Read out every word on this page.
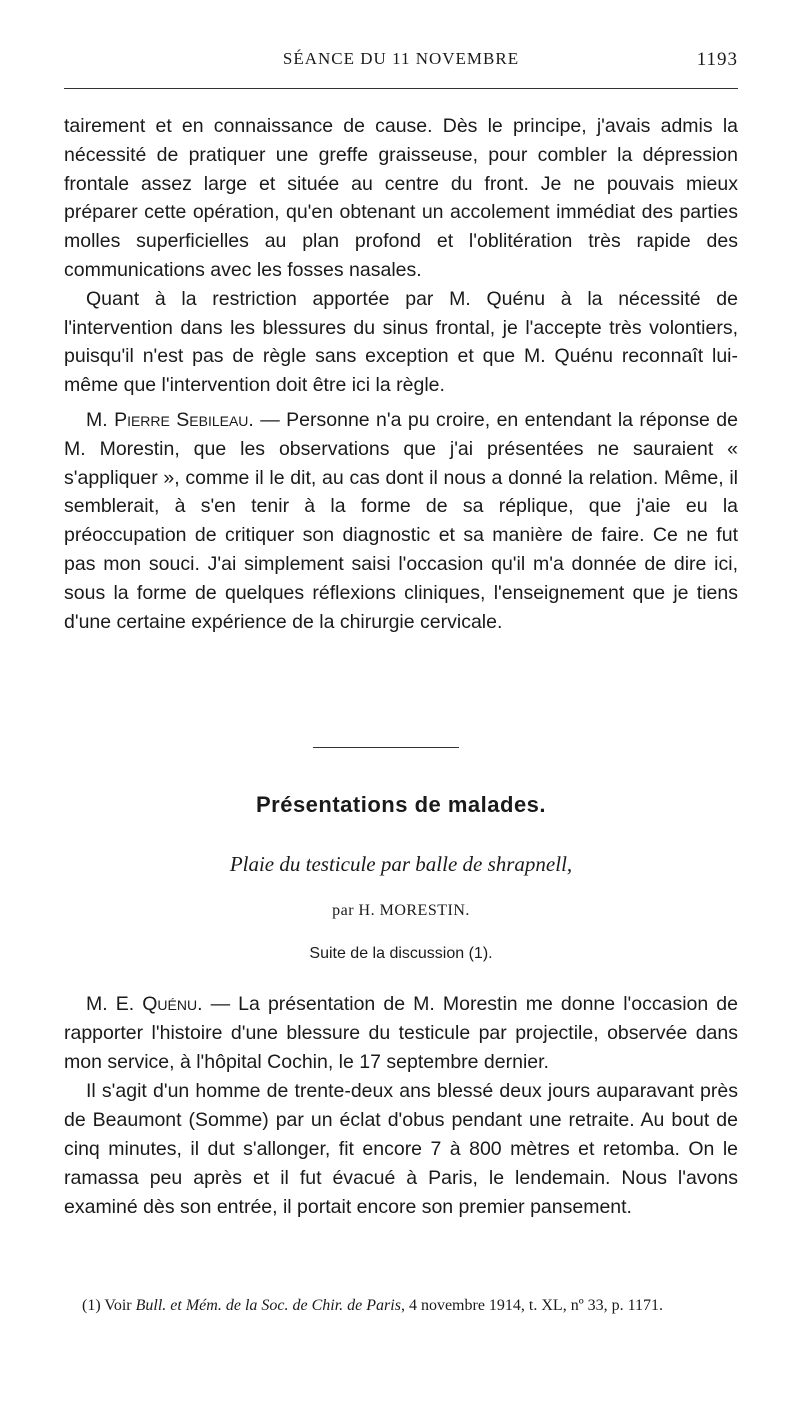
SÉANCE DU 11 NOVEMBRE	1193

tairement et en connaissance de cause. Dès le principe, j'avais admis la nécessité de pratiquer une greffe graisseuse, pour combler la dépression frontale assez large et située au centre du front. Je ne pouvais mieux préparer cette opération, qu'en obtenant un accolement immédiat des parties molles superficielles au plan profond et l'oblitération très rapide des communications avec les fosses nasales.

Quant à la restriction apportée par M. Quénu à la nécessité de l'intervention dans les blessures du sinus frontal, je l'accepte très volontiers, puisqu'il n'est pas de règle sans exception et que M. Quénu reconnaît lui-même que l'intervention doit être ici la règle.

M. Pierre Sebileau. — Personne n'a pu croire, en entendant la réponse de M. Morestin, que les observations que j'ai présentées ne sauraient « s'appliquer », comme il le dit, au cas dont il nous a donné la relation. Même, il semblerait, à s'en tenir à la forme de sa réplique, que j'aie eu la préoccupation de critiquer son diagnostic et sa manière de faire. Ce ne fut pas mon souci. J'ai simplement saisi l'occasion qu'il m'a donnée de dire ici, sous la forme de quelques réflexions cliniques, l'enseignement que je tiens d'une certaine expérience de la chirurgie cervicale.

Présentations de malades.
Plaie du testicule par balle de shrapnell,
par H. MORESTIN.
Suite de la discussion (1).

M. E. Quénu. — La présentation de M. Morestin me donne l'occasion de rapporter l'histoire d'une blessure du testicule par projectile, observée dans mon service, à l'hôpital Cochin, le 17 septembre dernier.

Il s'agit d'un homme de trente-deux ans blessé deux jours auparavant près de Beaumont (Somme) par un éclat d'obus pendant une retraite. Au bout de cinq minutes, il dut s'allonger, fit encore 7 à 800 mètres et retomba. On le ramassa peu après et il fut évacué à Paris, le lendemain. Nous l'avons examiné dès son entrée, il portait encore son premier pansement.

(1) Voir Bull. et Mém. de la Soc. de Chir. de Paris, 4 novembre 1914, t. XL, nº 33, p. 1171.
